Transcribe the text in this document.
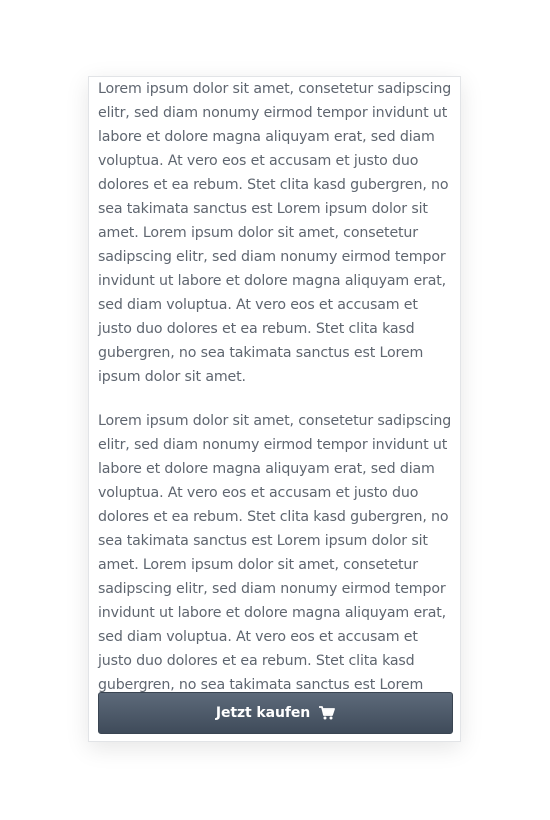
Lorem ipsum dolor sit amet, consetetur sadipscing elitr, sed diam nonumy eirmod tempor invidunt ut labore et dolore magna aliquyam erat, sed diam voluptua. At vero eos et accusam et justo duo dolores et ea rebum. Stet clita kasd gubergren, no sea takimata sanctus est Lorem ipsum dolor sit amet. Lorem ipsum dolor sit amet, consetetur sadipscing elitr, sed diam nonumy eirmod tempor invidunt ut labore et dolore magna aliquyam erat, sed diam voluptua. At vero eos et accusam et justo duo dolores et ea rebum. Stet clita kasd gubergren, no sea takimata sanctus est Lorem ipsum dolor sit amet.

Lorem ipsum dolor sit amet, consetetur sadipscing elitr, sed diam nonumy eirmod tempor invidunt ut labore et dolore magna aliquyam erat, sed diam voluptua. At vero eos et accusam et justo duo dolores et ea rebum. Stet clita kasd gubergren, no sea takimata sanctus est Lorem ipsum dolor sit amet. Lorem ipsum dolor sit amet, consetetur sadipscing elitr, sed diam nonumy eirmod tempor invidunt ut labore et dolore magna aliquyam erat, sed diam voluptua. At vero eos et accusam et justo duo dolores et ea rebum. Stet clita kasd gubergren, no sea takimata sanctus est Lorem

Jetzt kaufen
